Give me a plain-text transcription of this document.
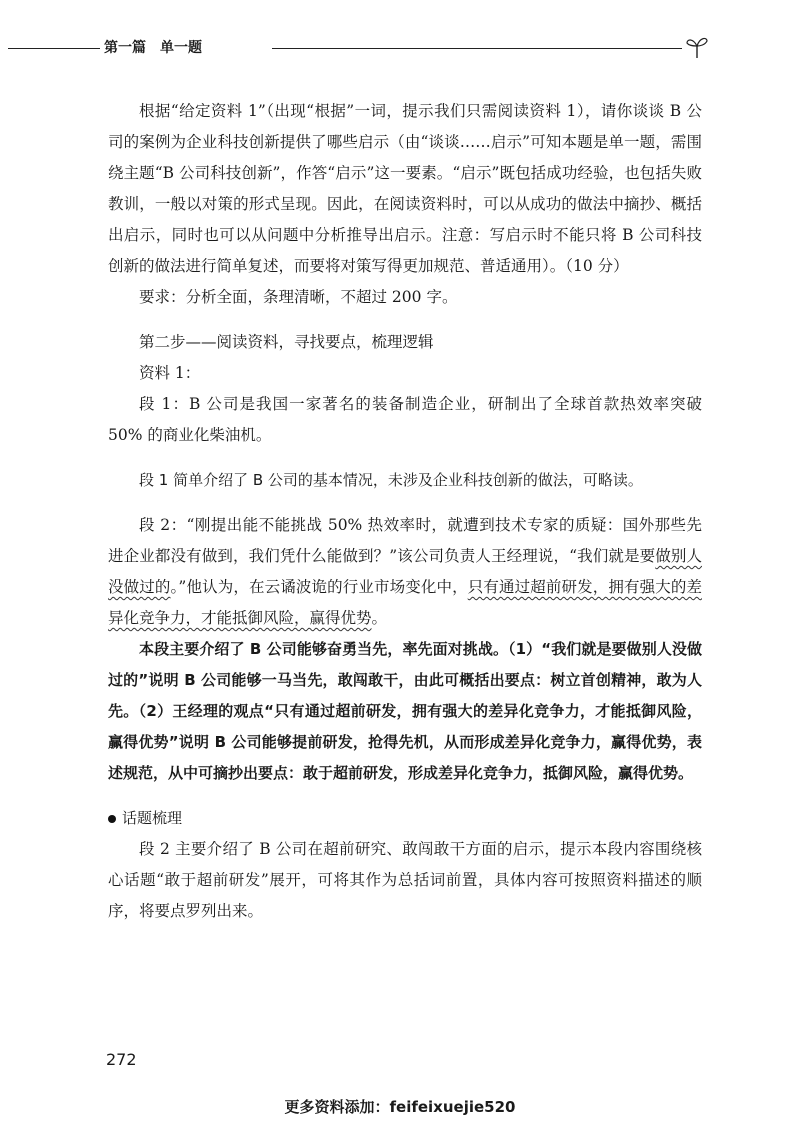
第一篇　单一题

根据“给定资料 1”（出现“根据”一词，提示我们只需阅读资料 1），请你谈谈 B 公司的案例为企业科技创新提供了哪些启示（由“谈谈……启示”可知本题是单一题，需围绕主题“B 公司科技创新”，作答“启示”这一要素。“启示”既包括成功经验，也包括失败教训，一般以对策的形式呈现。因此，在阅读资料时，可以从成功的做法中摘抄、概括出启示，同时也可以从问题中分析推导出启示。注意：写启示时不能只将 B 公司科技创新的做法进行简单复述，而要将对策写得更加规范、普适通用）。（10 分）

要求：分析全面，条理清晰，不超过 200 字。

第二步——阅读资料，寻找要点，梳理逻辑

资料 1：

段 1：B 公司是我国一家著名的装备制造企业，研制出了全球首款热效率突破 50% 的商业化柴油机。

段 1 简单介绍了 B 公司的基本情况，未涉及企业科技创新的做法，可略读。

段 2：“刚提出能不能挑战 50% 热效率时，就遭到技术专家的质疑：国外那些先进企业都没有做到，我们凭什么能做到？”该公司负责人王经理说，“我们就是要做别人没做过的。”他认为，在云谲波诡的行业市场变化中，只有通过超前研发，拥有强大的差异化竞争力，才能抵御风险，赢得优势。

本段主要介绍了 B 公司能够奋勇当先，率先面对挑战。（1）“我们就是要做别人没做过的”说明 B 公司能够一马当先，敢闯敢干，由此可概括出要点：树立首创精神，敢为人先。（2）王经理的观点“只有通过超前研发，拥有强大的差异化竞争力，才能抵御风险，赢得优势”说明 B 公司能够提前研发，抢得先机，从而形成差异化竞争力，赢得优势，表述规范，从中可摘抄出要点：敢于超前研发，形成差异化竞争力，抵御风险，赢得优势。

话题梳理

段 2 主要介绍了 B 公司在超前研究、敢闯敢干方面的启示，提示本段内容围绕核心话题“敢于超前研发”展开，可将其作为总括词前置，具体内容可按照资料描述的顺序，将要点罗列出来。

272
更多资料添加：feifeixuejie520
